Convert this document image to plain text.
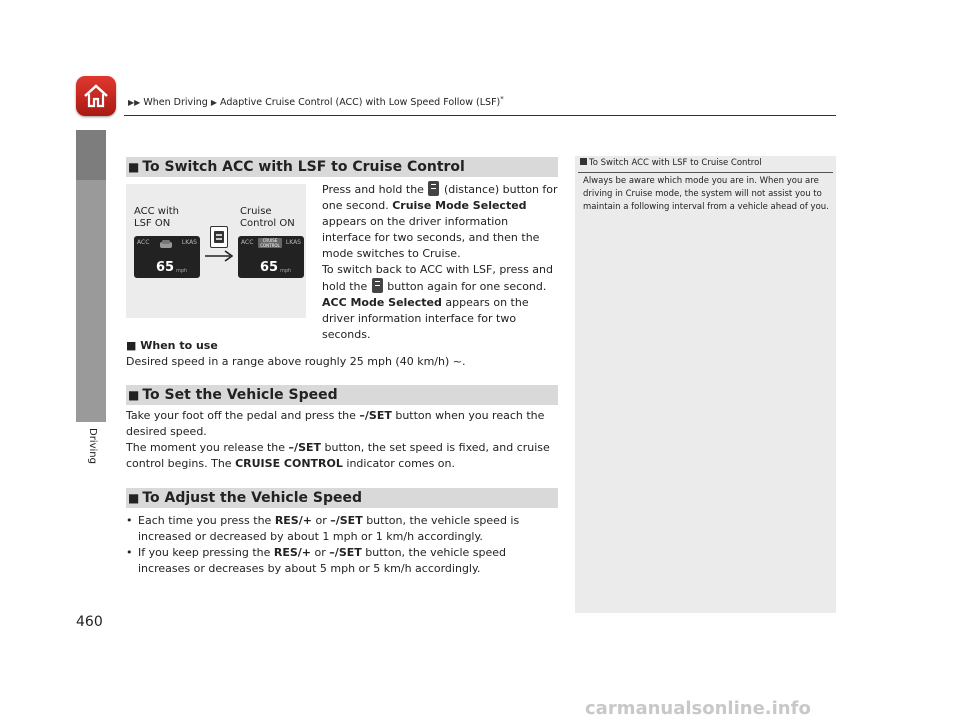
▶▶ When Driving ▶ Adaptive Cruise Control (ACC) with Low Speed Follow (LSF)*
Driving
460
■ To Switch ACC with LSF to Cruise Control
ACC with
LSF ON
Cruise
Control ON
ACC	LKAS
65 mph
ACC	LKAS
CRUISE
CONTROL
65 mph
Press and hold the (distance) button for one second. Cruise Mode Selected appears on the driver information interface for two seconds, and then the mode switches to Cruise.
To switch back to ACC with LSF, press and hold the button again for one second. ACC Mode Selected appears on the driver information interface for two seconds.
■ When to use
Desired speed in a range above roughly 25 mph (40 km/h) ~.
■ To Set the Vehicle Speed
Take your foot off the pedal and press the –/SET button when you reach the desired speed.
The moment you release the –/SET button, the set speed is fixed, and cruise control begins. The CRUISE CONTROL indicator comes on.
■ To Adjust the Vehicle Speed
• Each time you press the RES/+ or –/SET button, the vehicle speed is increased or decreased by about 1 mph or 1 km/h accordingly.
• If you keep pressing the RES/+ or –/SET button, the vehicle speed increases or decreases by about 5 mph or 5 km/h accordingly.
To Switch ACC with LSF to Cruise Control
Always be aware which mode you are in. When you are driving in Cruise mode, the system will not assist you to maintain a following interval from a vehicle ahead of you.
carmanualsonline.info
